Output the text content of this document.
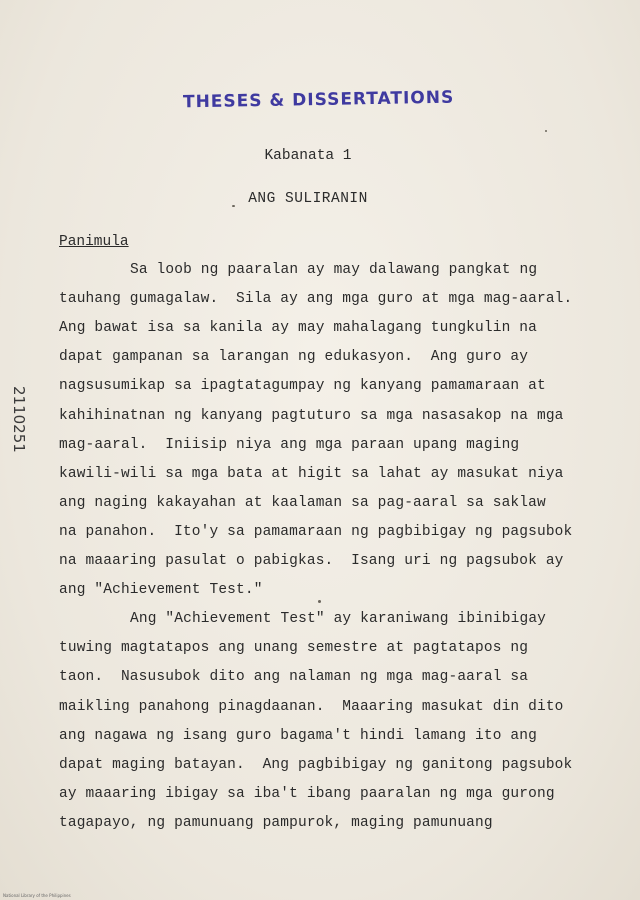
THESES & DISSERTATIONS
Kabanata 1
ANG SULIRANIN
Panimula
Sa loob ng paaralan ay may dalawang pangkat ng
tauhang gumagalaw.  Sila ay ang mga guro at mga mag-aaral.
Ang bawat isa sa kanila ay may mahalagang tungkulin na
dapat gampanan sa larangan ng edukasyon.  Ang guro ay
nagsusumikap sa ipagtatagumpay ng kanyang pamamaraan at
kahihinatnan ng kanyang pagtuturo sa mga nasasakop na mga
mag-aaral.  Iniisip niya ang mga paraan upang maging
kawili-wili sa mga bata at higit sa lahat ay masukat niya
ang naging kakayahan at kaalaman sa pag-aaral sa saklaw
na panahon.  Ito'y sa pamamaraan ng pagbibigay ng pagsubok
na maaaring pasulat o pabigkas.  Isang uri ng pagsubok ay
ang "Achievement Test."
Ang "Achievement Test" ay karaniwang ibinibigay
tuwing magtatapos ang unang semestre at pagtatapos ng
taon.  Nasusubok dito ang nalaman ng mga mag-aaral sa
maikling panahong pinagdaanan.  Maaaring masukat din dito
ang nagawa ng isang guro bagama't hindi lamang ito ang
dapat maging batayan.  Ang pagbibigay ng ganitong pagsubok
ay maaaring ibigay sa iba't ibang paaralan ng mga gurong
tagapayo, ng pamunuang pampurok, maging pamunuang
2110251
National Library of the Philippines
